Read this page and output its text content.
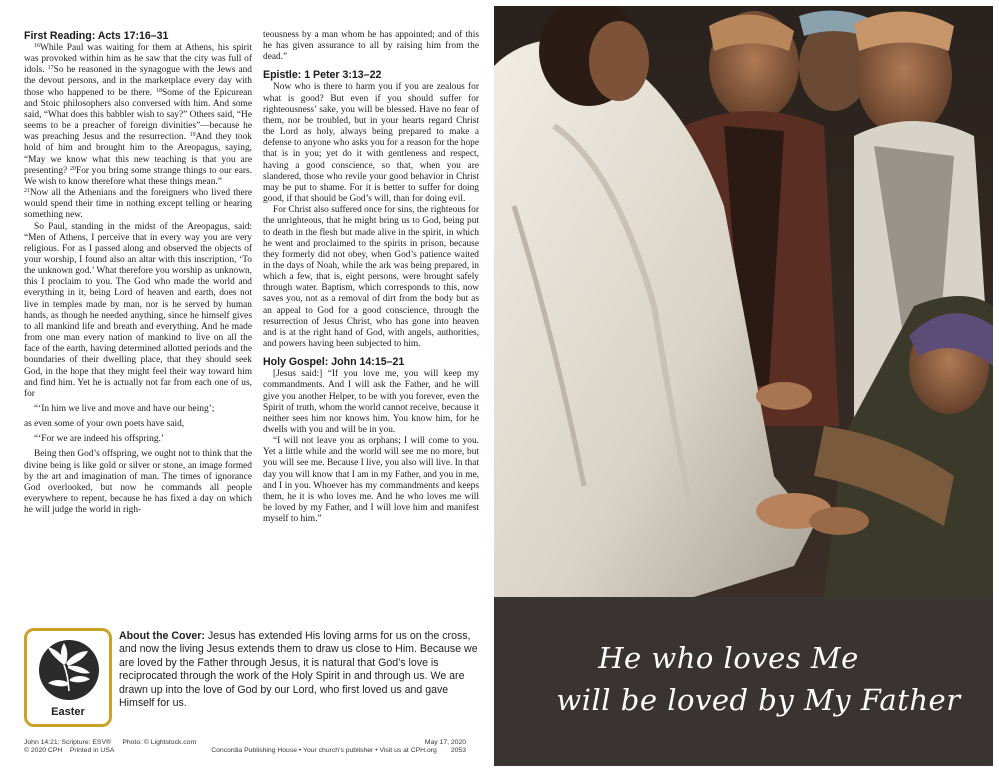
First Reading: Acts 17:16–31

$^{16}$While Paul was waiting for them at Athens, his spirit was provoked within him as he saw that the city was full of idols. $^{17}$So he reasoned in the synagogue with the Jews and the devout persons, and in the marketplace every day with those who happened to be there. $^{18}$Some of the Epicurean and Stoic philosophers also conversed with him. And some said, “What does this babbler wish to say?” Others said, “He seems to be a preacher of foreign divinities”—because he was preaching Jesus and the resurrection. $^{19}$And they took hold of him and brought him to the Areopagus, saying, “May we know what this new teaching is that you are presenting? $^{20}$For you bring some strange things to our ears. We wish to know therefore what these things mean.”
$^{21}$Now all the Athenians and the foreigners who lived there would spend their time in nothing except telling or hearing something new.

So Paul, standing in the midst of the Areopagus, said: “Men of Athens, I perceive that in every way you are very religious. For as I passed along and observed the objects of your worship, I found also an altar with this inscription, ‘To the unknown god.’ What therefore you worship as unknown, this I proclaim to you. The God who made the world and everything in it, being Lord of heaven and earth, does not live in temples made by man, nor is he served by human hands, as though he needed anything, since he himself gives to all mankind life and breath and everything. And he made from one man every nation of mankind to live on all the face of the earth, having determined allotted periods and the boundaries of their dwelling place, that they should seek God, in the hope that they might feel their way toward him and find him. Yet he is actually not far from each one of us, for

“‘In him we live and move and have our being’;

as even some of your own poets have said,

“‘For we are indeed his offspring.’

Being then God’s offspring, we ought not to think that the divine being is like gold or silver or stone, an image formed by the art and imagination of man. The times of ignorance God overlooked, but now he commands all people everywhere to repent, because he has fixed a day on which he will judge the world in righ-

teousness by a man whom he has appointed; and of this he has given assurance to all by raising him from the dead.”

Epistle: 1 Peter 3:13–22

Now who is there to harm you if you are zealous for what is good? But even if you should suffer for righteousness’ sake, you will be blessed. Have no fear of them, nor be troubled, but in your hearts regard Christ the Lord as holy, always being prepared to make a defense to anyone who asks you for a reason for the hope that is in you; yet do it with gentleness and respect, having a good conscience, so that, when you are slandered, those who revile your good behavior in Christ may be put to shame. For it is better to suffer for doing good, if that should be God’s will, than for doing evil.

For Christ also suffered once for sins, the righteous for the unrighteous, that he might bring us to God, being put to death in the flesh but made alive in the spirit, in which he went and proclaimed to the spirits in prison, because they formerly did not obey, when God’s patience waited in the days of Noah, while the ark was being prepared, in which a few, that is, eight persons, were brought safely through water. Baptism, which corresponds to this, now saves you, not as a removal of dirt from the body but as an appeal to God for a good conscience, through the resurrection of Jesus Christ, who has gone into heaven and is at the right hand of God, with angels, authorities, and powers having been subjected to him.

Holy Gospel: John 14:15–21

[Jesus said:] “If you love me, you will keep my commandments. And I will ask the Father, and he will give you another Helper, to be with you forever, even the Spirit of truth, whom the world cannot receive, because it neither sees him nor knows him. You know him, for he dwells with you and will be in you.

“I will not leave you as orphans; I will come to you. Yet a little while and the world will see me no more, but you will see me. Because I live, you also will live. In that day you will know that I am in my Father, and you in me, and I in you. Whoever has my commandments and keeps them, he it is who loves me. And he who loves me will be loved by my Father, and I will love him and manifest myself to him.”

Easter
About the Cover: Jesus has extended His loving arms for us on the cross, and now the living Jesus extends them to draw us close to Him. Because we are loved by the Father through Jesus, it is natural that God’s love is reciprocated through the work of the Holy Spirit in and through us. We are drawn up into the love of God by our Lord, who first loved us and gave Himself for us.
John 14:21; Scripture: ESV® Photo: © Lightstock.com
© 2020 CPH Printed in USA	Concordia Publishing House • Your church’s publisher • Visit us at CPH.org
May 17, 2020
2053
He who loves Me
will be loved by My Father
